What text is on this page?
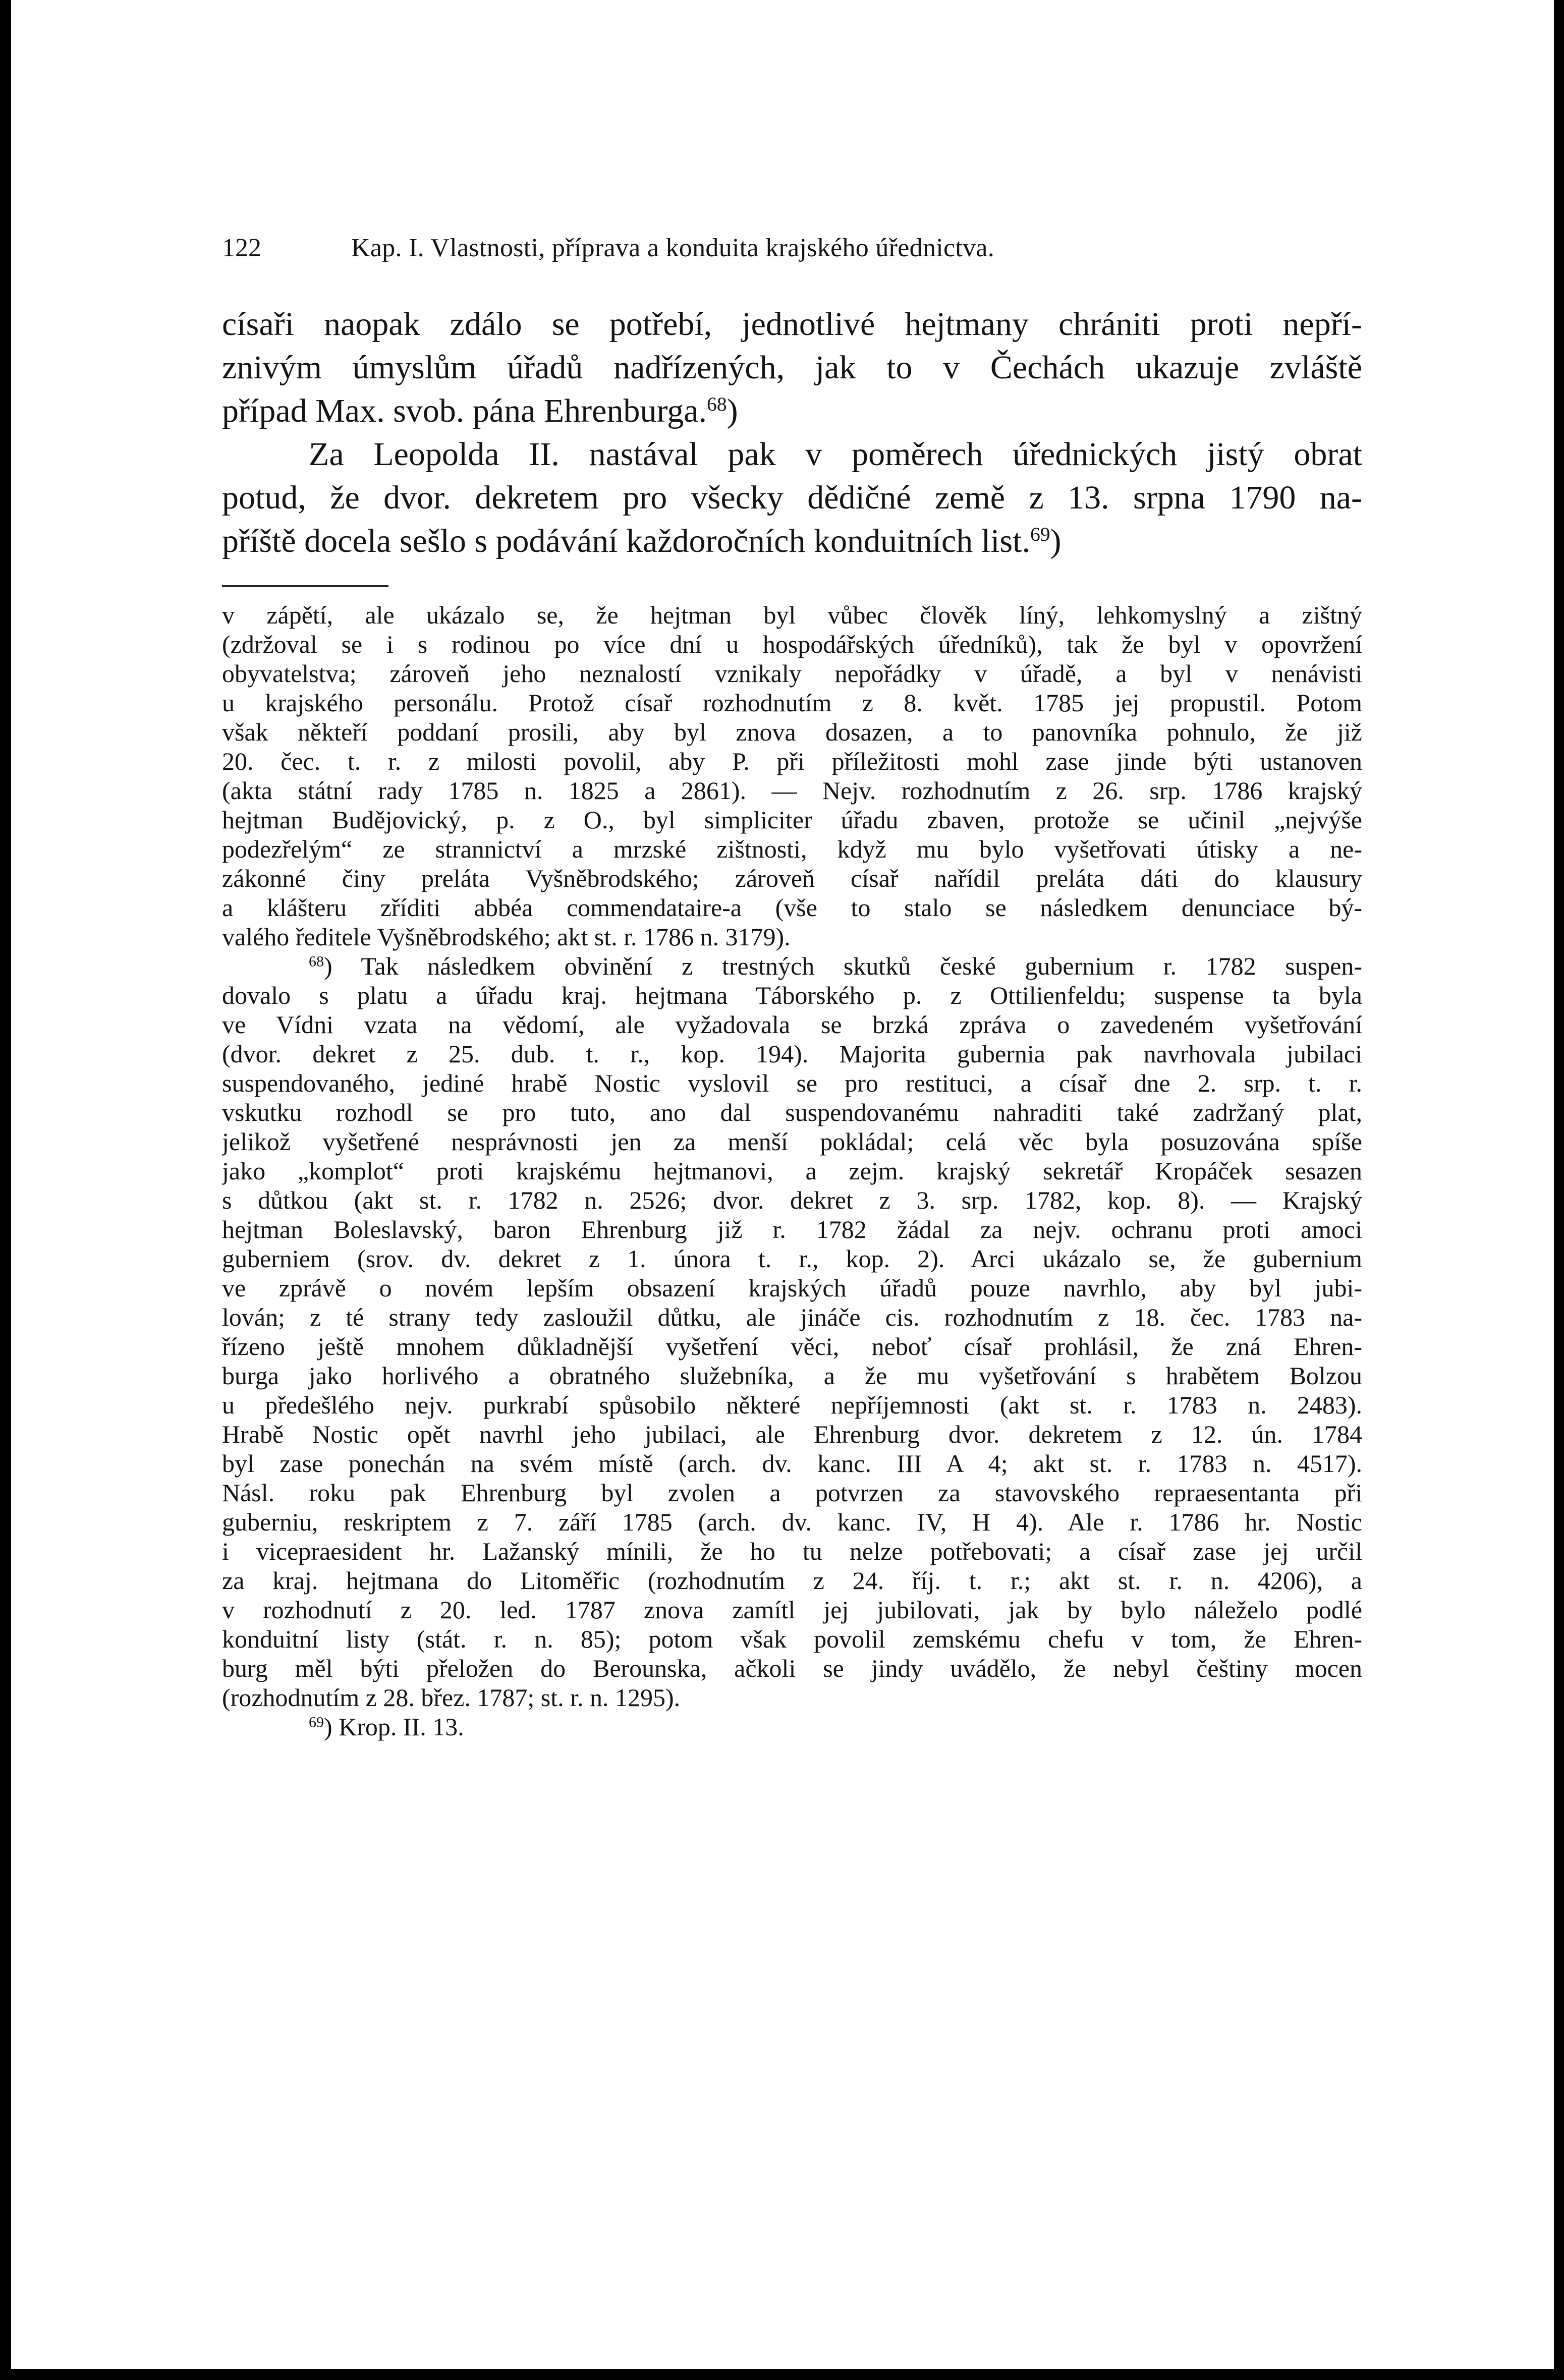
122	Kap. I. Vlastnosti, příprava a konduita krajského úřednictva.
císaři naopak zdálo se potřebí, jednotlivé hejtmany chrániti proti nepří-
znivým úmyslům úřadů nadřízených, jak to v Čechách ukazuje zvláště
případ Max. svob. pána Ehrenburga.$^{68}$)
Za Leopolda II. nastával pak v poměrech úřednických jistý obrat
potud, že dvor. dekretem pro všecky dědičné země z 13. srpna 1790 na-
příště docela sešlo s podávání každoročních konduitních list.$^{69}$)
v zápětí, ale ukázalo se, že hejtman byl vůbec člověk líný, lehkomyslný a zištný
(zdržoval se i s rodinou po více dní u hospodářských úředníků), tak že byl v opovržení
obyvatelstva; zároveň jeho neznalostí vznikaly nepořádky v úřadě, a byl v nenávisti
u krajského personálu. Protož císař rozhodnutím z 8. květ. 1785 jej propustil. Potom
však někteří poddaní prosili, aby byl znova dosazen, a to panovníka pohnulo, že již
20. čec. t. r. z milosti povolil, aby P. při příležitosti mohl zase jinde býti ustanoven
(akta státní rady 1785 n. 1825 a 2861). — Nejv. rozhodnutím z 26. srp. 1786 krajský
hejtman Budějovický, p. z O., byl simpliciter úřadu zbaven, protože se učinil „nejvýše
podezřelým“ ze strannictví a mrzské zištnosti, když mu bylo vyšetřovati útisky a ne-
zákonné činy preláta Vyšněbrodského; zároveň císař nařídil preláta dáti do klausury
a klášteru zříditi abbéa commendataire-a (vše to stalo se následkem denunciace bý-
valého ředitele Vyšněbrodského; akt st. r. 1786 n. 3179).
$^{68}$) Tak následkem obvinění z trestných skutků české gubernium r. 1782 suspen-
dovalo s platu a úřadu kraj. hejtmana Táborského p. z Ottilienfeldu; suspense ta byla
ve Vídni vzata na vědomí, ale vyžadovala se brzká zpráva o zavedeném vyšetřování
(dvor. dekret z 25. dub. t. r., kop. 194). Majorita gubernia pak navrhovala jubilaci
suspendovaného, jediné hrabě Nostic vyslovil se pro restituci, a císař dne 2. srp. t. r.
vskutku rozhodl se pro tuto, ano dal suspendovanému nahraditi také zadržaný plat,
jelikož vyšetřené nesprávnosti jen za menší pokládal; celá věc byla posuzována spíše
jako „komplot“ proti krajskému hejtmanovi, a zejm. krajský sekretář Kropáček sesazen
s důtkou (akt st. r. 1782 n. 2526; dvor. dekret z 3. srp. 1782, kop. 8). — Krajský
hejtman Boleslavský, baron Ehrenburg již r. 1782 žádal za nejv. ochranu proti amoci
guberniem (srov. dv. dekret z 1. února t. r., kop. 2). Arci ukázalo se, že gubernium
ve zprávě o novém lepším obsazení krajských úřadů pouze navrhlo, aby byl jubi-
lován; z té strany tedy zasloužil důtku, ale jináče cis. rozhodnutím z 18. čec. 1783 na-
řízeno ještě mnohem důkladnější vyšetření věci, neboť císař prohlásil, že zná Ehren-
burga jako horlivého a obratného služebníka, a že mu vyšetřování s hrabětem Bolzou
u předešlého nejv. purkrabí spůsobilo některé nepříjemnosti (akt st. r. 1783 n. 2483).
Hrabě Nostic opět navrhl jeho jubilaci, ale Ehrenburg dvor. dekretem z 12. ún. 1784
byl zase ponechán na svém místě (arch. dv. kanc. III A 4; akt st. r. 1783 n. 4517).
Násl. roku pak Ehrenburg byl zvolen a potvrzen za stavovského repraesentanta při
guberniu, reskriptem z 7. září 1785 (arch. dv. kanc. IV, H 4). Ale r. 1786 hr. Nostic
i vicepraesident hr. Lažanský mínili, že ho tu nelze potřebovati; a císař zase jej určil
za kraj. hejtmana do Litoměřic (rozhodnutím z 24. říj. t. r.; akt st. r. n. 4206), a
v rozhodnutí z 20. led. 1787 znova zamítl jej jubilovati, jak by bylo náleželo podlé
konduitní listy (stát. r. n. 85); potom však povolil zemskému chefu v tom, že Ehren-
burg měl býti přeložen do Berounska, ačkoli se jindy uvádělo, že nebyl češtiny mocen
(rozhodnutím z 28. břez. 1787; st. r. n. 1295).
$^{69}$) Krop. II. 13.
